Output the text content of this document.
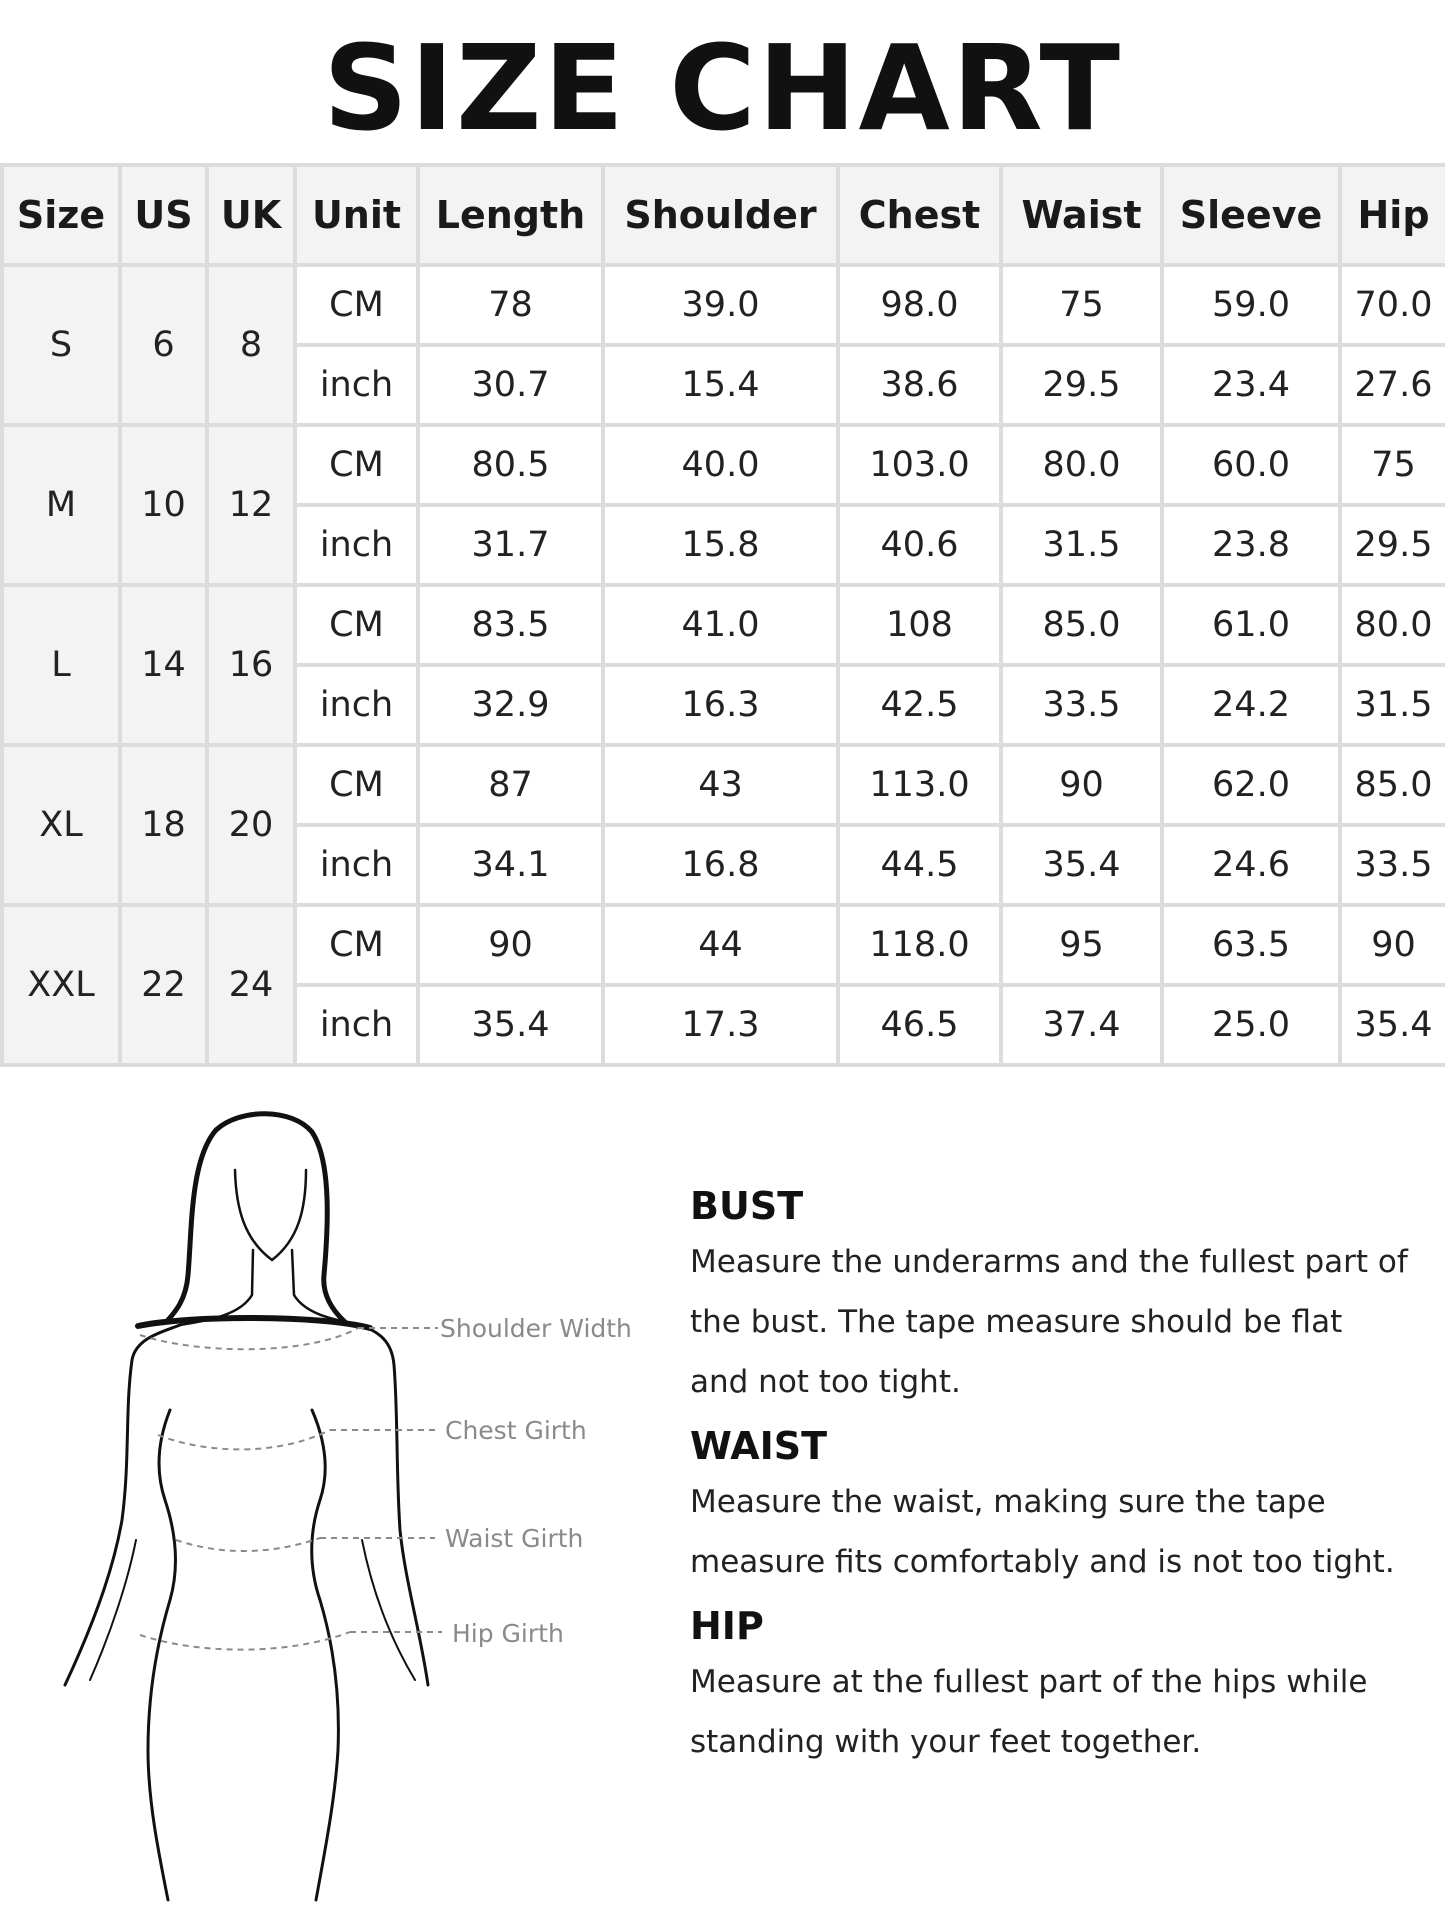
SIZE CHART
Size	US	UK	Unit	Length	Shoulder	Chest	Waist	Sleeve	Hip
S	6	8	CM	78	39.0	98.0	75	59.0	70.0
			inch	30.7	15.4	38.6	29.5	23.4	27.6
M	10	12	CM	80.5	40.0	103.0	80.0	60.0	75
			inch	31.7	15.8	40.6	31.5	23.8	29.5
L	14	16	CM	83.5	41.0	108	85.0	61.0	80.0
			inch	32.9	16.3	42.5	33.5	24.2	31.5
XL	18	20	CM	87	43	113.0	90	62.0	85.0
			inch	34.1	16.8	44.5	35.4	24.6	33.5
XXL	22	24	CM	90	44	118.0	95	63.5	90
			inch	35.4	17.3	46.5	37.4	25.0	35.4
Shoulder Width
Chest Girth
Waist Girth
Hip Girth
BUST

Measure the underarms and the fullest part of the bust. The tape measure should be flat and not too tight.

WAIST

Measure the waist, making sure the tape measure fits comfortably and is not too tight.

HIP

Measure at the fullest part of the hips while standing with your feet together.
